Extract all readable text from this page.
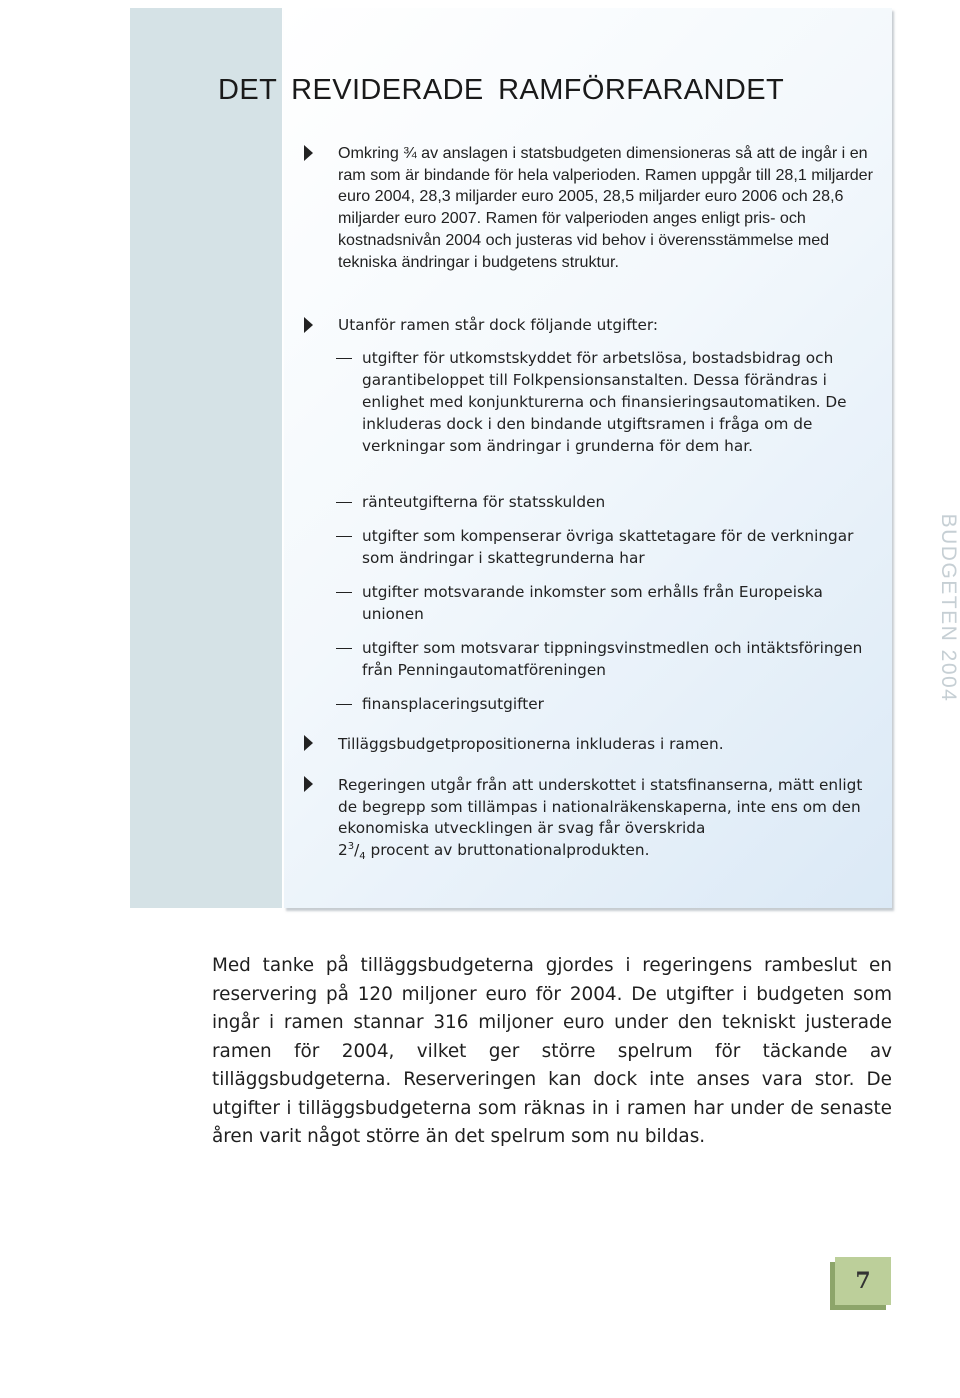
DET REVIDERADE RAMFÖRFARANDET

Omkring ¾ av anslagen i statsbudgeten dimensioneras så att de ingår i en ram som är bindande för hela valperioden. Ramen uppgår till 28,1 miljarder euro 2004, 28,3 miljarder euro 2005, 28,5 miljarder euro 2006 och 28,6 miljarder euro 2007. Ramen för valperioden anges enligt pris- och kostnadsnivån 2004 och justeras vid behov i överensstämmelse med tekniska ändringar i budgetens struktur.

Utanför ramen står dock följande utgifter:

utgifter för utkomstskyddet för arbetslösa, bostadsbidrag och garantibeloppet till Folkpensionsanstalten. Dessa förändras i enlighet med konjunkturerna och finansieringsautomatiken. De inkluderas dock i den bindande utgiftsramen i fråga om de verkningar som ändringar i grunderna för dem har.

ränteutgifterna för statsskulden

utgifter som kompenserar övriga skattetagare för de verkningar som ändringar i skattegrunderna har

utgifter motsvarande inkomster som erhålls från Europeiska unionen

utgifter som motsvarar tippningsvinstmedlen och intäktsföringen från Penningautomatföreningen

finansplaceringsutgifter

Tilläggsbudgetpropositionerna inkluderas i ramen.

Regeringen utgår från att underskottet i statsfinanserna, mätt enligt de begrepp som tillämpas i nationalräkenskaperna, inte ens om den ekonomiska utvecklingen är svag får överskrida
$2^3/_4$ procent av bruttonationalprodukten.

BUDGETEN 2004

Med tanke på tilläggsbudgeterna gjordes i regeringens rambeslut en reservering på 120 miljoner euro för 2004. De utgifter i budgeten som ingår i ramen stannar 316 miljoner euro under den tekniskt justerade ramen för 2004, vilket ger större spelrum för täckande av tilläggsbudgeterna. Reserveringen kan dock inte anses vara stor. De utgifter i tilläggsbudgeterna som räknas in i ramen har under de senaste åren varit något större än det spelrum som nu bildas.

7
